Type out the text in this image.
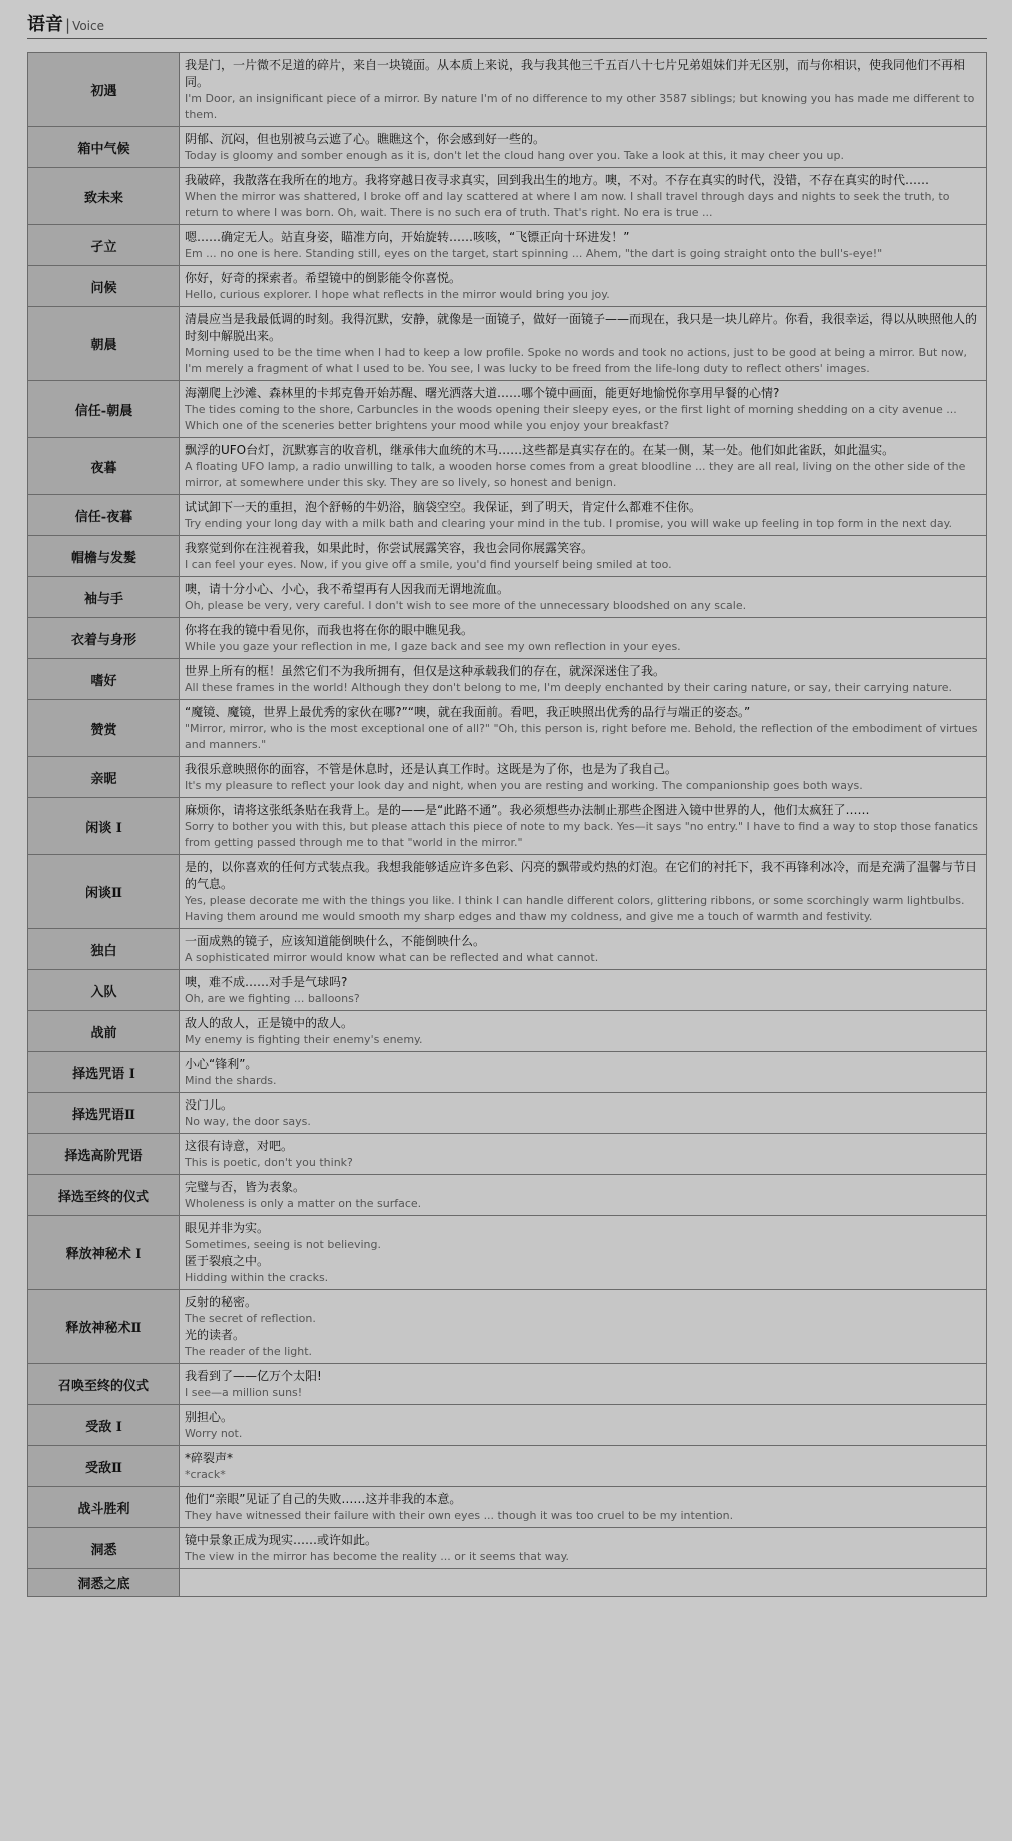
语音 | Voice
初遇	我是门，一片微不足道的碎片，来自一块镜面。从本质上来说，我与我其他三千五百八十七片兄弟姐妹们并无区别，而与你相识，使我同他们不再相同。
I'm Door, an insignificant piece of a mirror. By nature I'm of no difference to my other 3587 siblings; but knowing you has made me different to them.

箱中气候	阴郁、沉闷，但也别被乌云遮了心。瞧瞧这个，你会感到好一些的。
Today is gloomy and somber enough as it is, don't let the cloud hang over you. Take a look at this, it may cheer you up.

致未来	我破碎，我散落在我所在的地方。我将穿越日夜寻求真实，回到我出生的地方。噢，不对。不存在真实的时代，没错，不存在真实的时代……
When the mirror was shattered, I broke off and lay scattered at where I am now. I shall travel through days and nights to seek the truth, to return to where I was born. Oh, wait. There is no such era of truth. That's right. No era is true ...

孑立	嗯……确定无人。站直身姿，瞄准方向，开始旋转……咳咳，“飞镖正向十环进发！”
Em ... no one is here. Standing still, eyes on the target, start spinning ... Ahem, "the dart is going straight onto the bull's-eye!"

问候	你好，好奇的探索者。希望镜中的倒影能令你喜悦。
Hello, curious explorer. I hope what reflects in the mirror would bring you joy.

朝晨	清晨应当是我最低调的时刻。我得沉默，安静，就像是一面镜子，做好一面镜子——而现在，我只是一块儿碎片。你看，我很幸运，得以从映照他人的时刻中解脱出来。
Morning used to be the time when I had to keep a low profile. Spoke no words and took no actions, just to be good at being a mirror. But now, I'm merely a fragment of what I used to be. You see, I was lucky to be freed from the life-long duty to reflect others' images.

信任-朝晨	海潮爬上沙滩、森林里的卡邦克鲁开始苏醒、曙光洒落大道……哪个镜中画面，能更好地愉悦你享用早餐的心情?
The tides coming to the shore, Carbuncles in the woods opening their sleepy eyes, or the first light of morning shedding on a city avenue ... Which one of the sceneries better brightens your mood while you enjoy your breakfast?

夜暮	飘浮的UFO台灯，沉默寡言的收音机，继承伟大血统的木马……这些都是真实存在的。在某一侧，某一处。他们如此雀跃，如此温实。
A floating UFO lamp, a radio unwilling to talk, a wooden horse comes from a great bloodline ... they are all real, living on the other side of the mirror, at somewhere under this sky. They are so lively, so honest and benign.

信任-夜暮	试试卸下一天的重担，泡个舒畅的牛奶浴，脑袋空空。我保证，到了明天，肯定什么都难不住你。
Try ending your long day with a milk bath and clearing your mind in the tub. I promise, you will wake up feeling in top form in the next day.

帽檐与发髮	我察觉到你在注视着我，如果此时，你尝试展露笑容，我也会同你展露笑容。
I can feel your eyes. Now, if you give off a smile, you'd find yourself being smiled at too.

袖与手	噢，请十分小心、小心，我不希望再有人因我而无谓地流血。
Oh, please be very, very careful. I don't wish to see more of the unnecessary bloodshed on any scale.

衣着与身形	你将在我的镜中看见你，而我也将在你的眼中瞧见我。
While you gaze your reflection in me, I gaze back and see my own reflection in your eyes.

嗜好	世界上所有的框！虽然它们不为我所拥有，但仅是这种承载我们的存在，就深深迷住了我。
All these frames in the world! Although they don't belong to me, I'm deeply enchanted by their caring nature, or say, their carrying nature.

赞赏	“魔镜、魔镜，世界上最优秀的家伙在哪?”“噢，就在我面前。看吧，我正映照出优秀的品行与端正的姿态。”
"Mirror, mirror, who is the most exceptional one of all?" "Oh, this person is, right before me. Behold, the reflection of the embodiment of virtues and manners."

亲昵	我很乐意映照你的面容，不管是休息时，还是认真工作时。这既是为了你，也是为了我自己。
It's my pleasure to reflect your look day and night, when you are resting and working. The companionship goes both ways.

闲谈 I	麻烦你，请将这张纸条贴在我背上。是的——是“此路不通”。我必须想些办法制止那些企图进入镜中世界的人，他们太疯狂了……
Sorry to bother you with this, but please attach this piece of note to my back. Yes—it says "no entry." I have to find a way to stop those fanatics from getting passed through me to that "world in the mirror."

闲谈Ⅱ	是的，以你喜欢的任何方式装点我。我想我能够适应许多色彩、闪亮的飘带或灼热的灯泡。在它们的衬托下，我不再锋利冰冷，而是充满了温馨与节日的气息。
Yes, please decorate me with the things you like. I think I can handle different colors, glittering ribbons, or some scorchingly warm lightbulbs. Having them around me would smooth my sharp edges and thaw my coldness, and give me a touch of warmth and festivity.

独白	一面成熟的镜子，应该知道能倒映什么，不能倒映什么。
A sophisticated mirror would know what can be reflected and what cannot.

入队	噢，难不成……对手是气球吗?
Oh, are we fighting ... balloons?

战前	敌人的敌人，正是镜中的敌人。
My enemy is fighting their enemy's enemy.

择选咒语 I	小心“锋利”。
Mind the shards.

择选咒语Ⅱ	没门儿。
No way, the door says.

择选高阶咒语	这很有诗意，对吧。
This is poetic, don't you think?

择选至终的仪式	完璧与否，皆为表象。
Wholeness is only a matter on the surface.

释放神秘术 I	眼见并非为实。
Sometimes, seeing is not believing.
匿于裂痕之中。
Hidding within the cracks.

释放神秘术Ⅱ	反射的秘密。
The secret of reflection.
光的读者。
The reader of the light.

召唤至终的仪式	我看到了——亿万个太阳!
I see—a million suns!

受敌 I	别担心。
Worry not.

受敌Ⅱ	*碎裂声*
*crack*

战斗胜利	他们“亲眼”见证了自己的失败……这并非我的本意。
They have witnessed their failure with their own eyes ... though it was too cruel to be my intention.

洞悉	镜中景象正成为现实……或许如此。
The view in the mirror has become the reality ... or it seems that way.

洞悉之底	
